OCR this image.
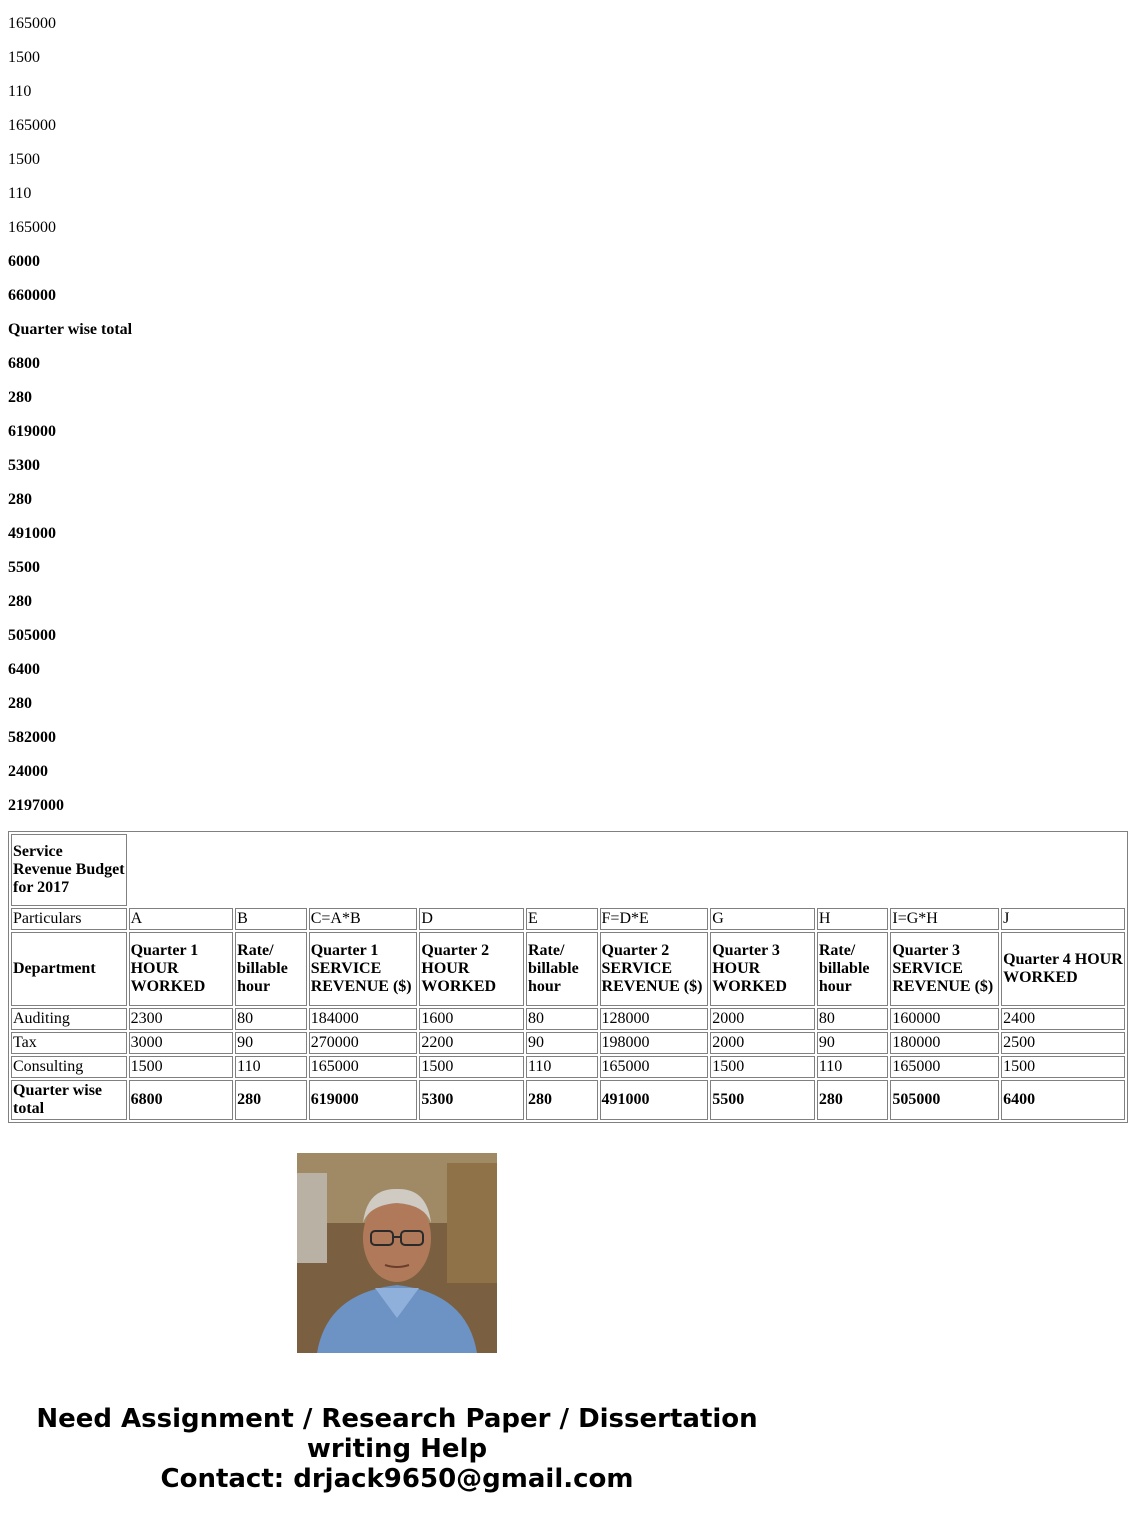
165000
1500
110
165000
1500
110
165000
6000
660000
Quarter wise total
6800
280
619000
5300
280
491000
5500
280
505000
6400
280
582000
24000
2197000
Service Revenue Budget for 2017										
Particulars	A	B	C=A*B	D	E	F=D*E	G	H	I=G*H	J
Department	Quarter 1 HOUR WORKED	Rate/ billable hour	Quarter 1 SERVICE REVENUE ($)	Quarter 2 HOUR WORKED	Rate/ billable hour	Quarter 2 SERVICE REVENUE ($)	Quarter 3 HOUR WORKED	Rate/ billable hour	Quarter 3 SERVICE REVENUE ($)	Quarter 4 HOUR WORKED
Auditing	2300	80	184000	1600	80	128000	2000	80	160000	2400
Tax	3000	90	270000	2200	90	198000	2000	90	180000	2500
Consulting	1500	110	165000	1500	110	165000	1500	110	165000	1500
Quarter wise total	6800	280	619000	5300	280	491000	5500	280	505000	6400
Need Assignment / Research Paper / Dissertation writing Help
Contact: drjack9650@gmail.com
